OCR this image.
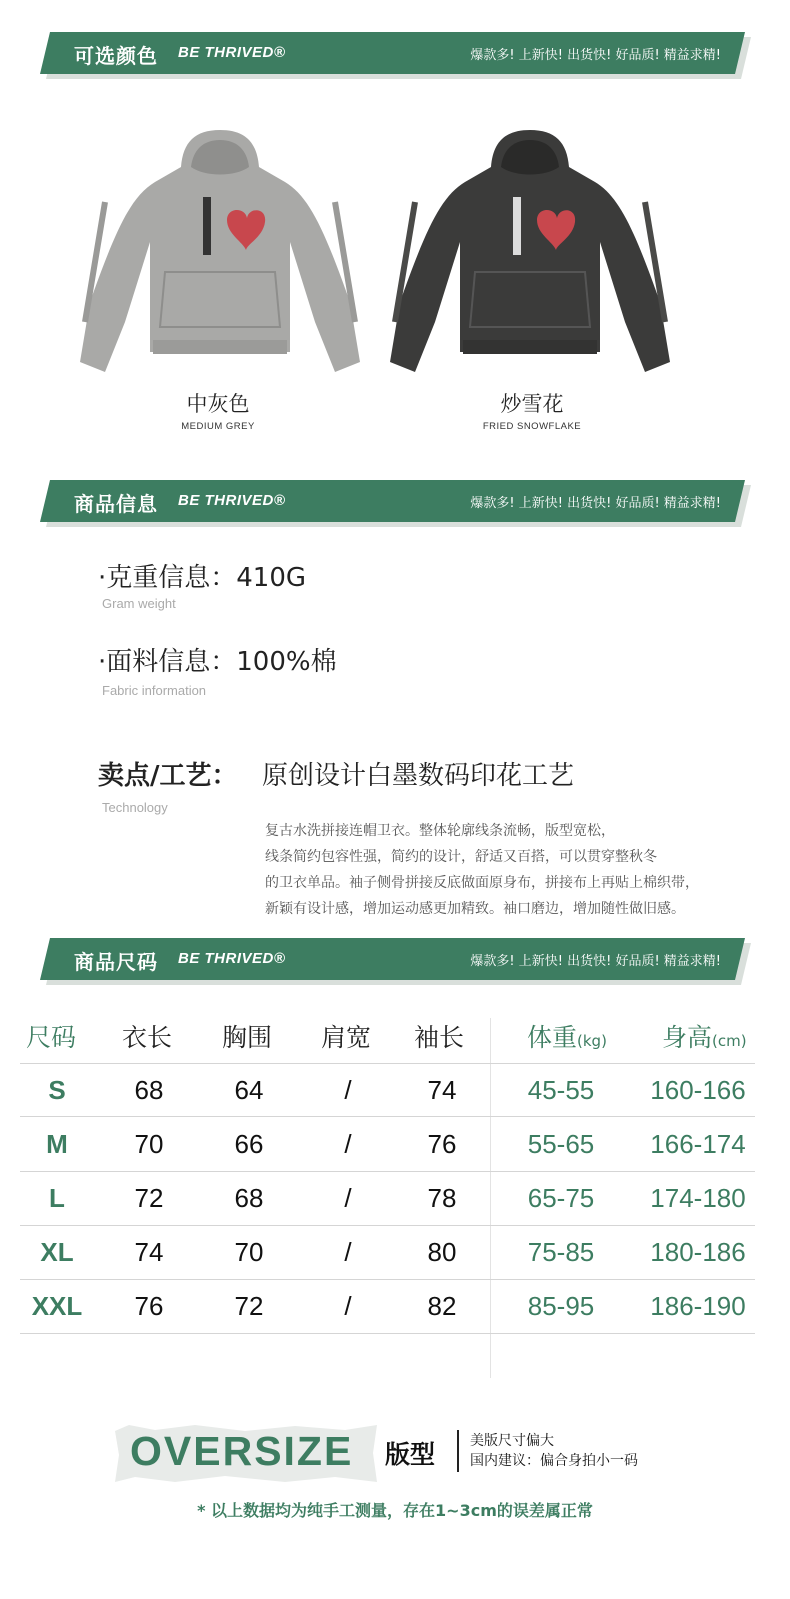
可选颜色 BE THRIVED®	爆款多! 上新快! 出货快! 好品质! 精益求精!
中灰色
MEDIUM GREY
炒雪花
FRIED SNOWFLAKE
商品信息 BE THRIVED®	爆款多! 上新快! 出货快! 好品质! 精益求精!
·克重信息：410G
Gram weight
·面料信息：100%棉
Fabric information
卖点/工艺： 原创设计白墨数码印花工艺
Technology
复古水洗拼接连帽卫衣。整体轮廓线条流畅，版型宽松，
线条简约包容性强，简约的设计，舒适又百搭，可以贯穿整秋冬
的卫衣单品。袖子侧骨拼接反底做面原身布，拼接布上再贴上棉织带，
新颖有设计感，增加运动感更加精致。袖口磨边，增加随性做旧感。
商品尺码 BE THRIVED®	爆款多! 上新快! 出货快! 好品质! 精益求精!
尺码 衣长 胸围 肩宽 袖长	体重(kg) 身高(cm)
S	68	64	/	74	45-55	160-166
M	70	66	/	76	55-65	166-174
L	72	68	/	78	65-75	174-180
XL	74	70	/	80	75-85	180-186
XXL	76	72	/	82	85-95	186-190
OVERSIZE 版型 美版尺寸偏大
国内建议：偏合身拍小一码
* 以上数据均为纯手工测量，存在1~3cm的误差属正常
